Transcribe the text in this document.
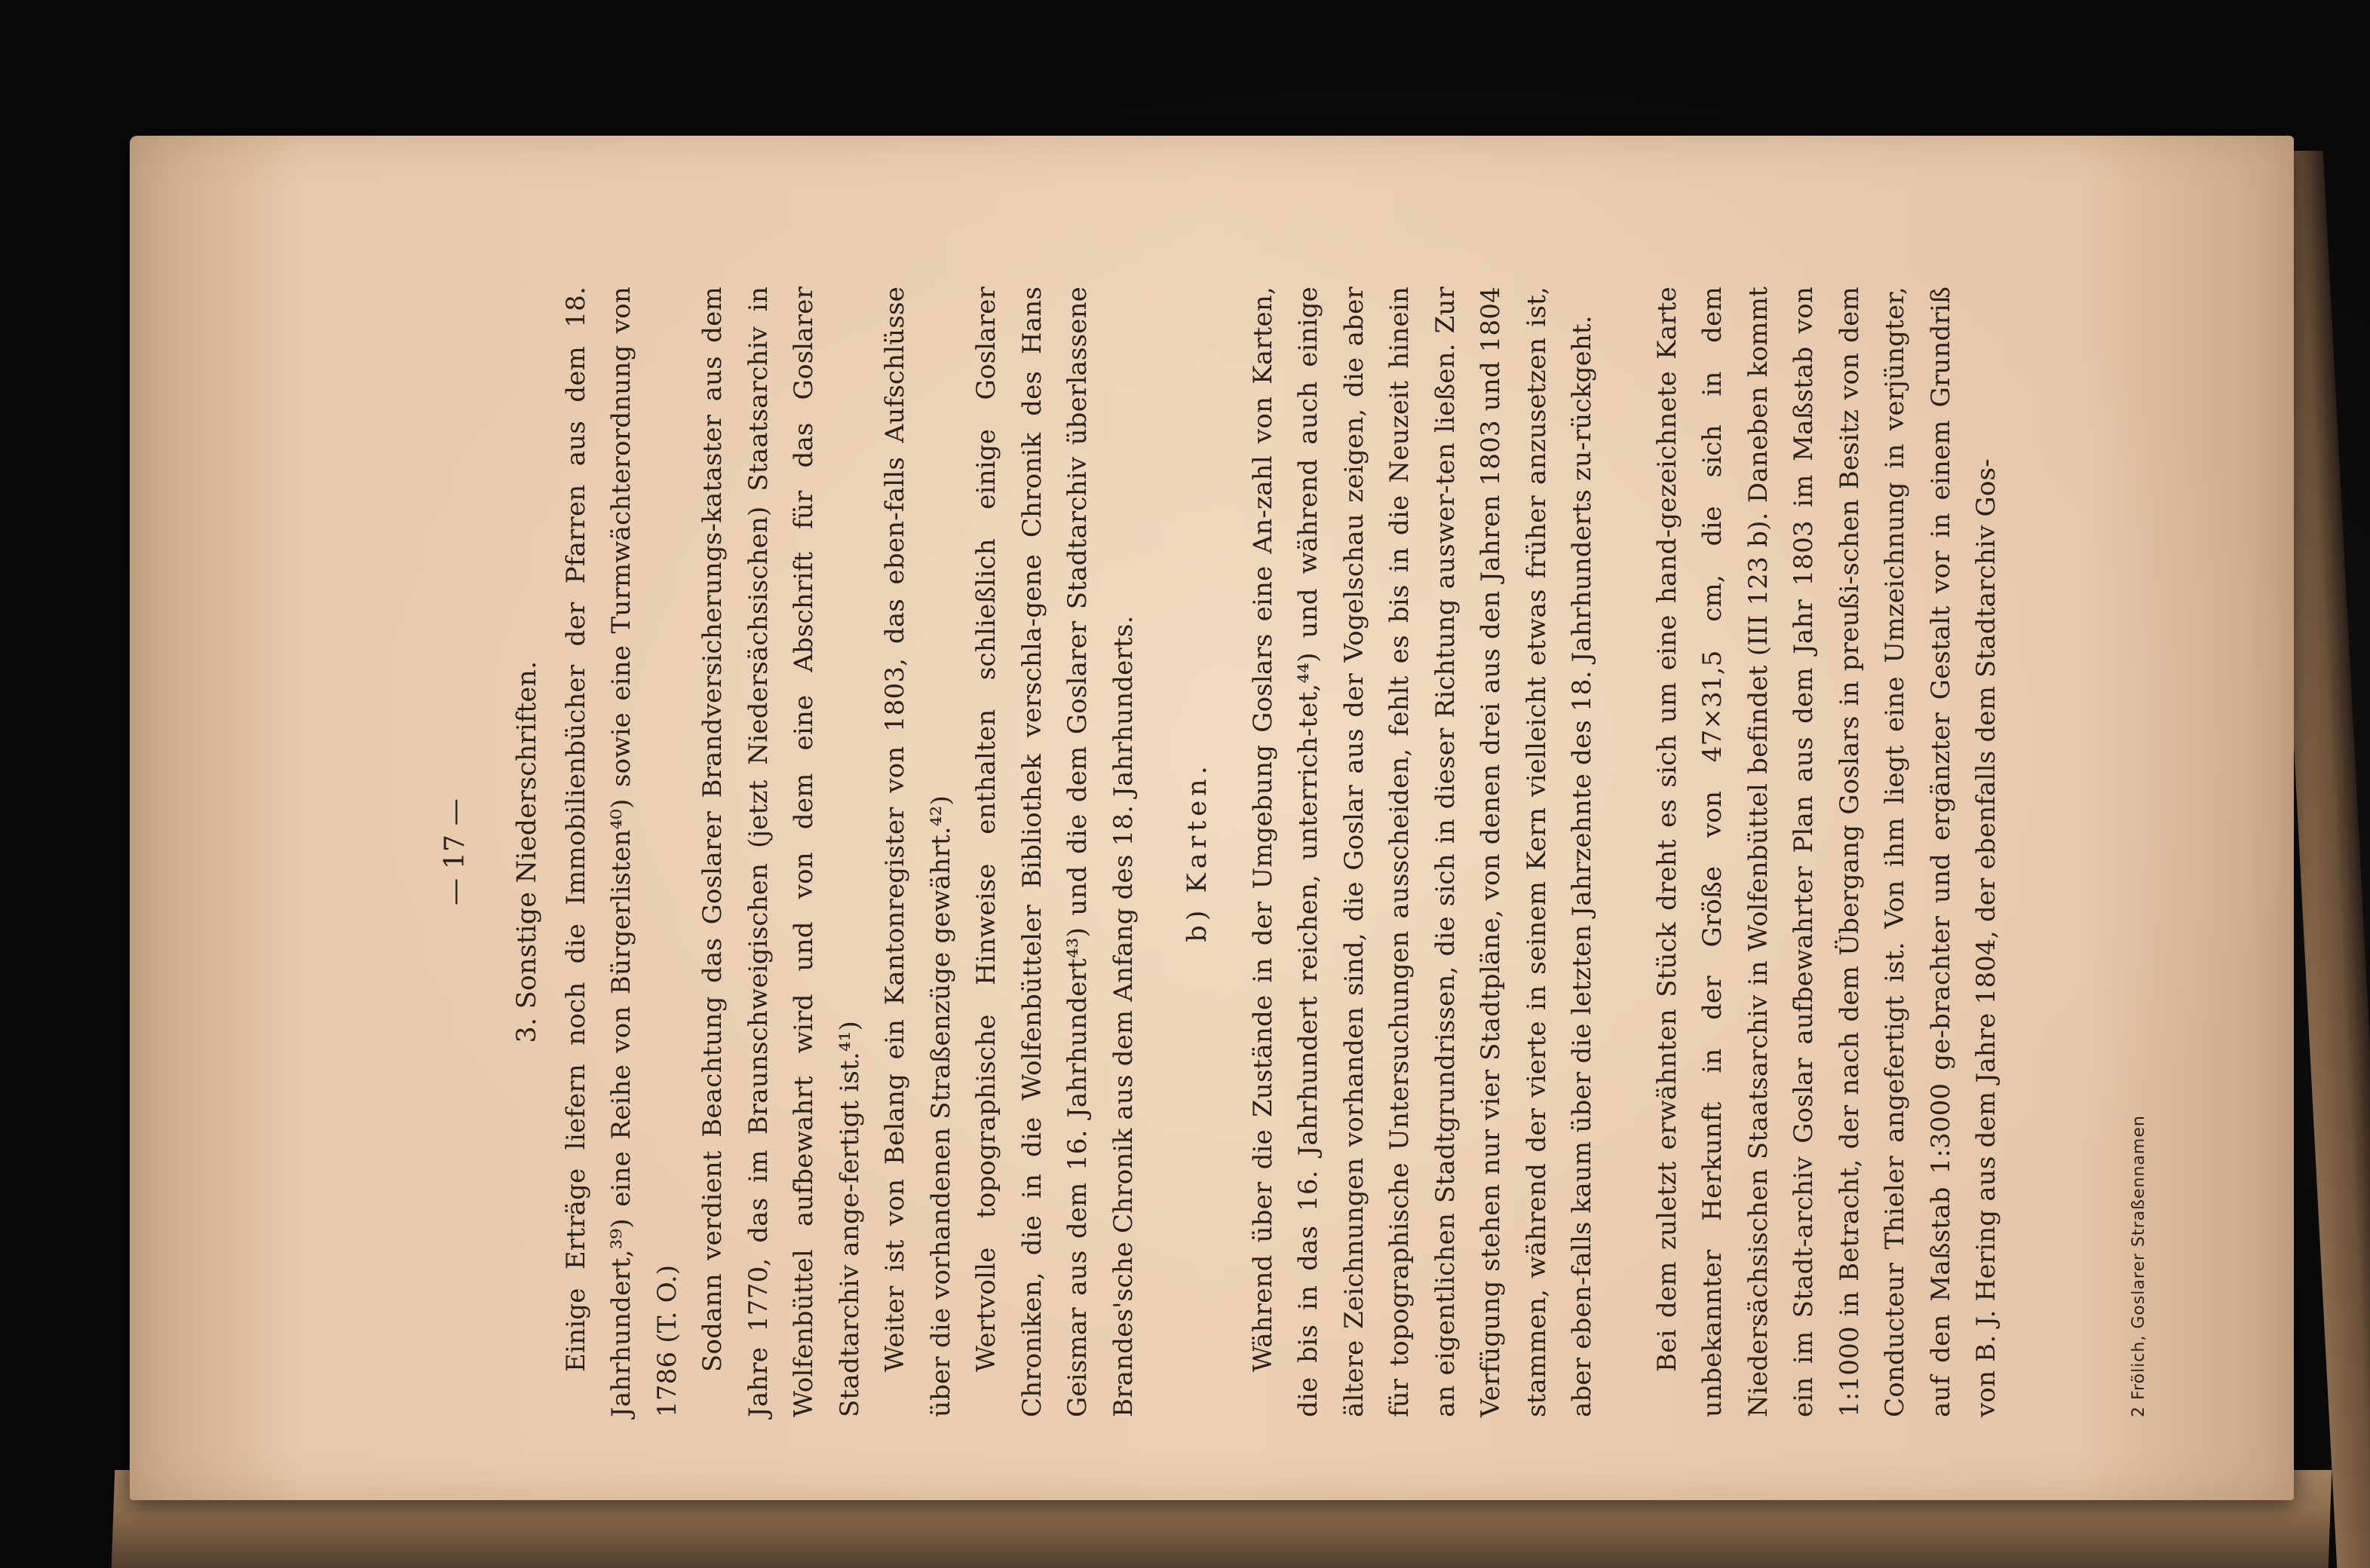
— 17 —	3. Sonstige Niederschriften. Einige Erträge liefern noch die Immobilienbücher der Pfarren aus dem 18. Jahrhundert,³⁹) eine Reihe von Bürgerlisten⁴⁰) sowie eine Turmwächterordnung von 1786 (T. O.) Sodann verdient Beachtung das Goslarer Brandversicherungs-kataster aus dem Jahre 1770, das im Braunschweigischen (jetzt Niedersächsischen) Staatsarchiv in Wolfenbüttel aufbewahrt wird und von dem eine Abschrift für das Goslarer Stadtarchiv ange-fertigt ist.⁴¹) Weiter ist von Belang ein Kantonregister von 1803, das eben-falls Aufschlüsse über die vorhandenen Straßenzüge gewährt.⁴²) Wertvolle topographische Hinweise enthalten schließlich einige Goslarer Chroniken, die in die Wolfenbütteler Bibliothek verschla-gene Chronik des Hans Geismar aus dem 16. Jahrhundert⁴³) und die dem Goslarer Stadtarchiv überlassene Brandes'sche Chronik aus dem Anfang des 18. Jahrhunderts.	b) Karten.	Während über die Zustände in der Umgebung Goslars eine An-zahl von Karten, die bis in das 16. Jahrhundert reichen, unterrich-tet,⁴⁴) und während auch einige ältere Zeichnungen vorhanden sind, die Goslar aus der Vogelschau zeigen, die aber für topographische Untersuchungen ausscheiden, fehlt es bis in die Neuzeit hinein an eigentlichen Stadtgrundrissen, die sich in dieser Richtung auswer-ten ließen. Zur Verfügung stehen nur vier Stadtpläne, von denen drei aus den Jahren 1803 und 1804 stammen, während der vierte in seinem Kern vielleicht etwas früher anzusetzen ist, aber eben-falls kaum über die letzten Jahrzehnte des 18. Jahrhunderts zu-rückgeht.	Bei dem zuletzt erwähnten Stück dreht es sich um eine hand-gezeichnete Karte unbekannter Herkunft in der Größe von 47×31,5 cm, die sich in dem Niedersächsischen Staatsarchiv in Wolfenbüttel befindet (III 123 b). Daneben kommt ein im Stadt-archiv Goslar aufbewahrter Plan aus dem Jahr 1803 im Maßstab von 1:1000 in Betracht, der nach dem Übergang Goslars in preußi-schen Besitz von dem Conducteur Thieler angefertigt ist. Von ihm liegt eine Umzeichnung in verjüngter, auf den Maßstab 1:3000 ge-brachter und ergänzter Gestalt vor in einem Grundriß von B. J. Hering aus dem Jahre 1804, der ebenfalls dem Stadtarchiv Gos-	2 Frölich, Goslarer Straßennamen
